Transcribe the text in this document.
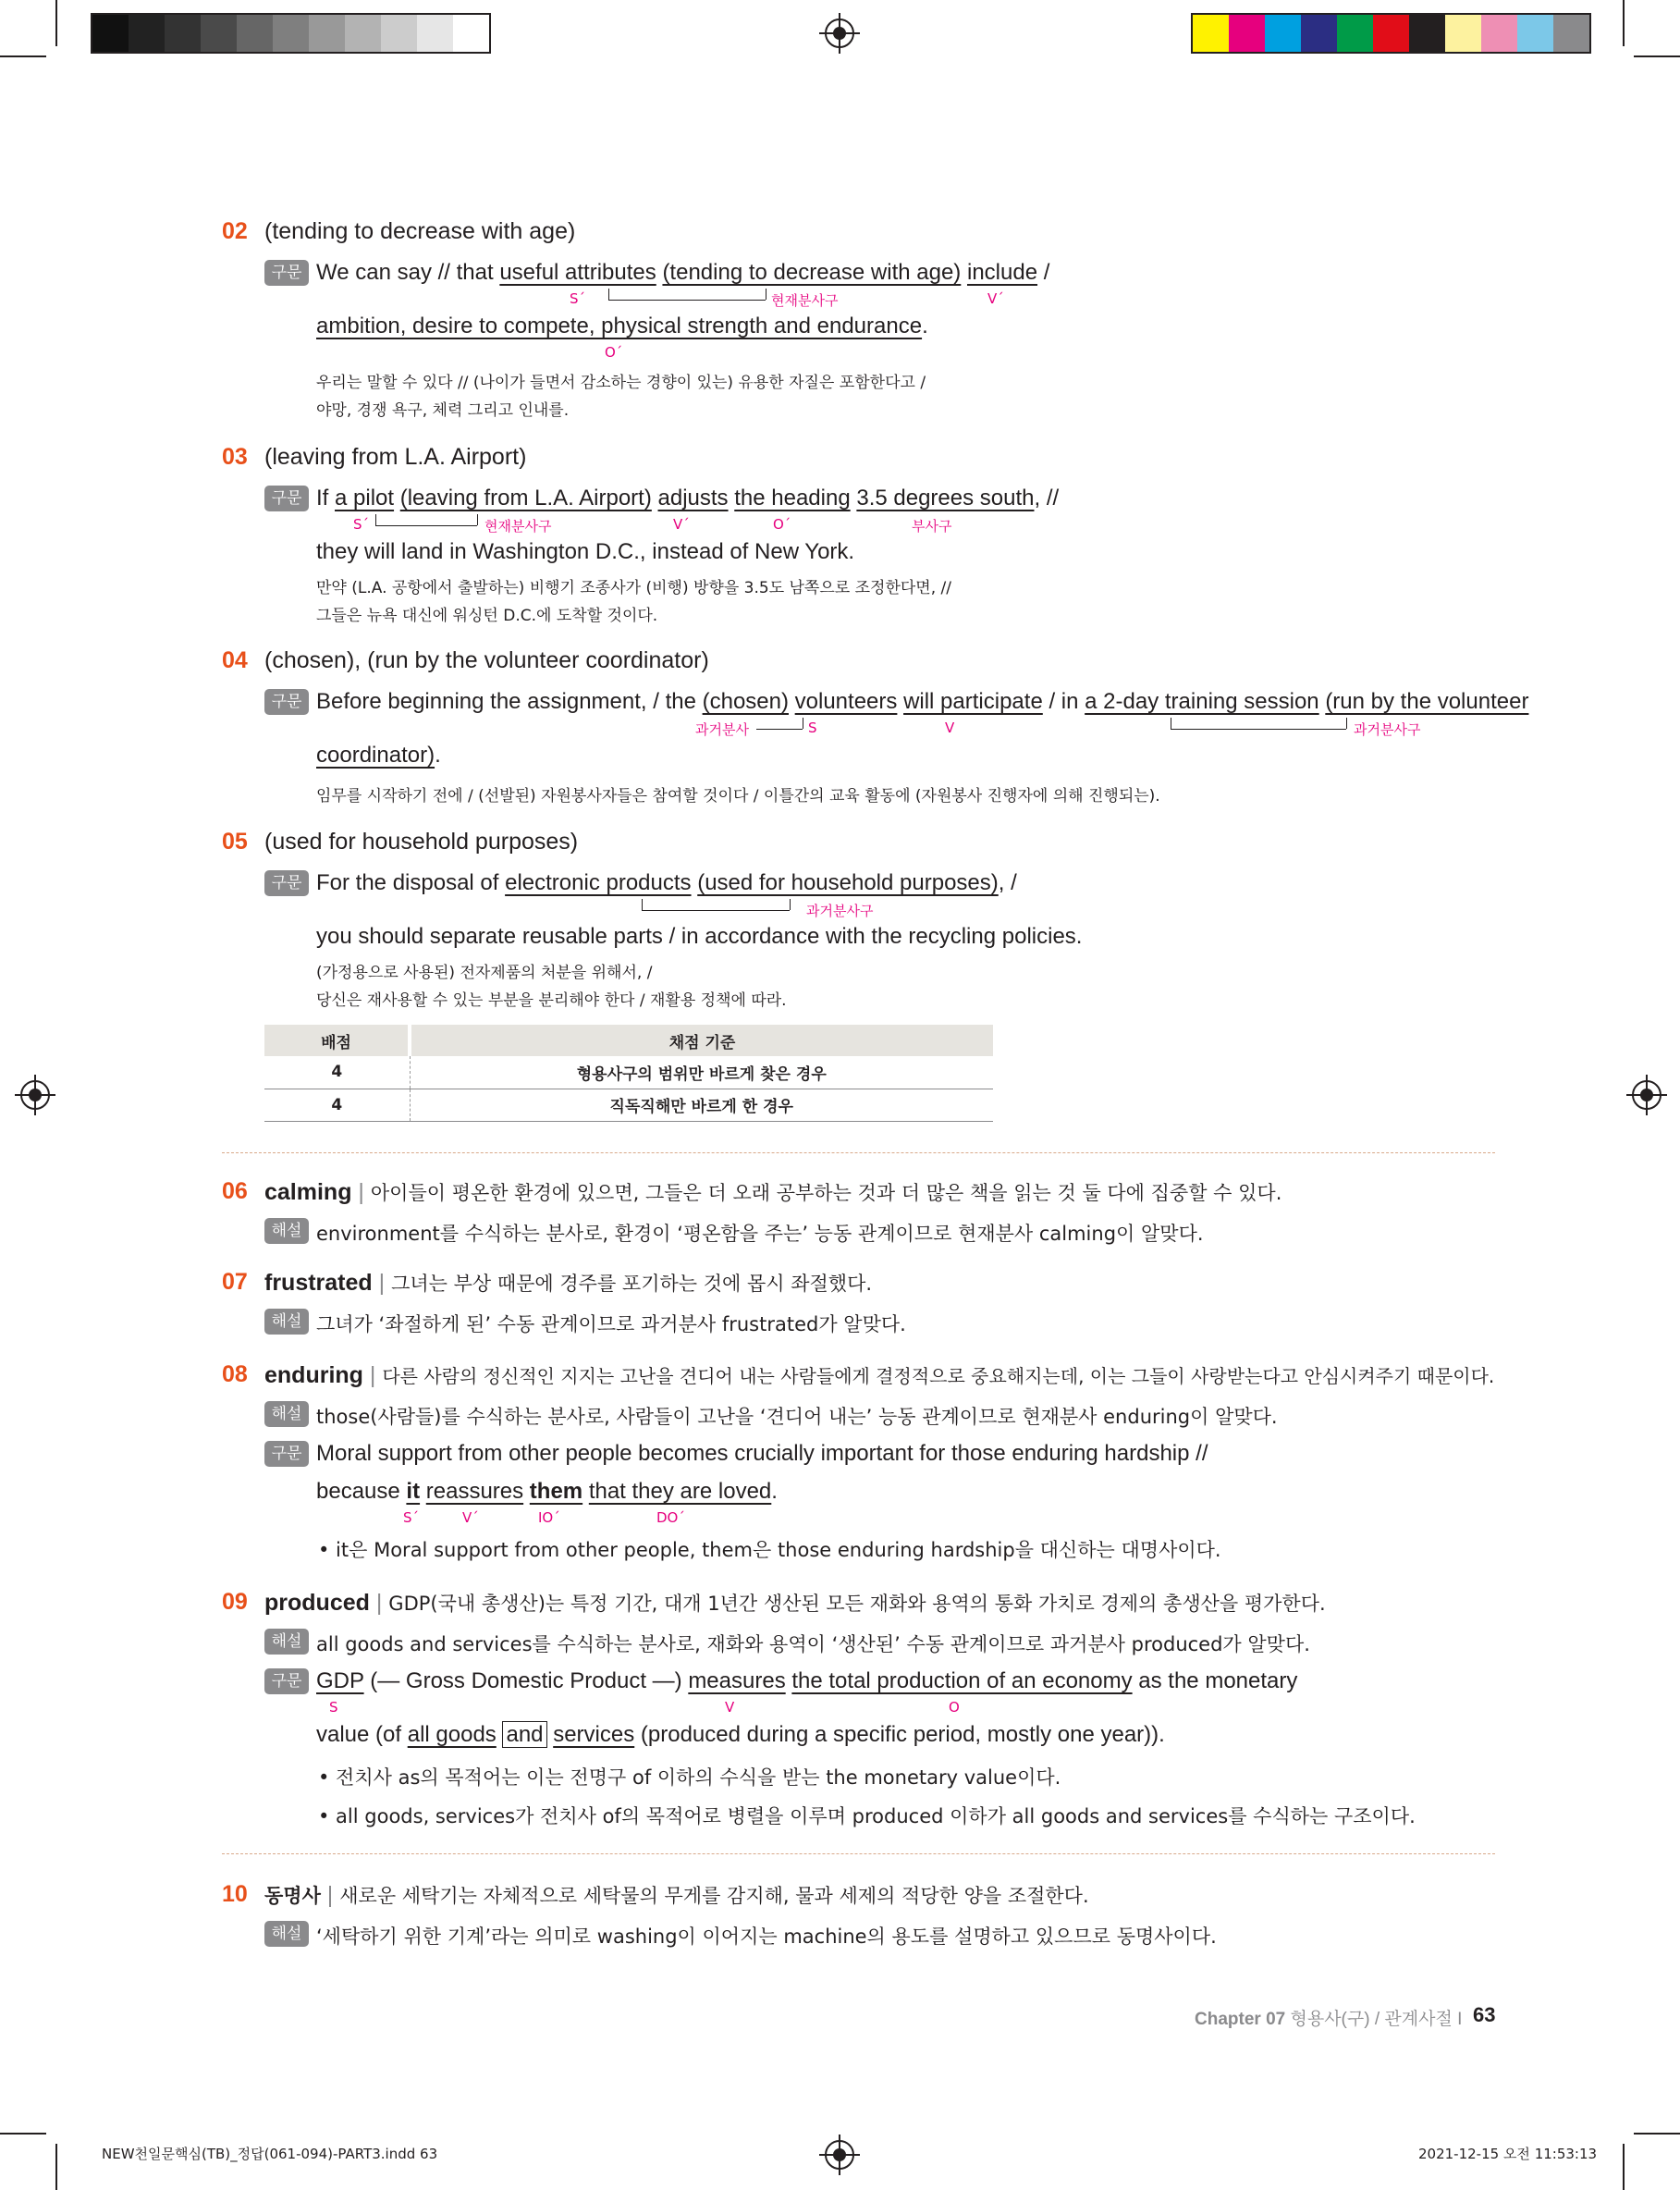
02 (tending to decrease with age)
구문 We can say // that useful attributes (tending to decrease with age) include /
S´	현재분사구	V´
ambition, desire to compete, physical strength and endurance.
O´
우리는 말할 수 있다 // (나이가 들면서 감소하는 경향이 있는) 유용한 자질은 포함한다고 /
야망, 경쟁 욕구, 체력 그리고 인내를.
03 (leaving from L.A. Airport)
구문 If a pilot (leaving from L.A. Airport) adjusts the heading 3.5 degrees south, //
S´	현재분사구	V´	O´	부사구
they will land in Washington D.C., instead of New York.
만약 (L.A. 공항에서 출발하는) 비행기 조종사가 (비행) 방향을 3.5도 남쪽으로 조정한다면, //
그들은 뉴욕 대신에 워싱턴 D.C.에 도착할 것이다.
04 (chosen), (run by the volunteer coordinator)
구문 Before beginning the assignment, / the (chosen) volunteers will participate / in a 2-day training session (run by the volunteer
과거분사	S	V	과거분사구
coordinator).
임무를 시작하기 전에 / (선발된) 자원봉사자들은 참여할 것이다 / 이틀간의 교육 활동에 (자원봉사 진행자에 의해 진행되는).
05 (used for household purposes)
구문 For the disposal of electronic products (used for household purposes), /
과거분사구
you should separate reusable parts / in accordance with the recycling policies.
(가정용으로 사용된) 전자제품의 처분을 위해서, /
당신은 재사용할 수 있는 부분을 분리해야 한다 / 재활용 정책에 따라.
배점	채점 기준
4	형용사구의 범위만 바르게 찾은 경우
4	직독직해만 바르게 한 경우
06 calming | 아이들이 평온한 환경에 있으면, 그들은 더 오래 공부하는 것과 더 많은 책을 읽는 것 둘 다에 집중할 수 있다.
해설 environment를 수식하는 분사로, 환경이 ‘평온함을 주는’ 능동 관계이므로 현재분사 calming이 알맞다.
07 frustrated | 그녀는 부상 때문에 경주를 포기하는 것에 몹시 좌절했다.
해설 그녀가 ‘좌절하게 된’ 수동 관계이므로 과거분사 frustrated가 알맞다.
08 enduring | 다른 사람의 정신적인 지지는 고난을 견디어 내는 사람들에게 결정적으로 중요해지는데, 이는 그들이 사랑받는다고 안심시켜주기 때문이다.
해설 those(사람들)를 수식하는 분사로, 사람들이 고난을 ‘견디어 내는’ 능동 관계이므로 현재분사 enduring이 알맞다.
구문 Moral support from other people becomes crucially important for those enduring hardship //
because it reassures them that they are loved.
S´	V´	IO´	DO´
• it은 Moral support from other people, them은 those enduring hardship을 대신하는 대명사이다.
09 produced | GDP(국내 총생산)는 특정 기간, 대개 1년간 생산된 모든 재화와 용역의 통화 가치로 경제의 총생산을 평가한다.
해설 all goods and services를 수식하는 분사로, 재화와 용역이 ‘생산된’ 수동 관계이므로 과거분사 produced가 알맞다.
구문 GDP (— Gross Domestic Product —) measures the total production of an economy as the monetary
S	V	O
value (of all goods and services (produced during a specific period, mostly one year)).
• 전치사 as의 목적어는 이는 전명구 of 이하의 수식을 받는 the monetary value이다.
• all goods, services가 전치사 of의 목적어로 병렬을 이루며 produced 이하가 all goods and services를 수식하는 구조이다.
10 동명사 | 새로운 세탁기는 자체적으로 세탁물의 무게를 감지해, 물과 세제의 적당한 양을 조절한다.
해설 ‘세탁하기 위한 기계’라는 의미로 washing이 이어지는 machine의 용도를 설명하고 있으므로 동명사이다.
Chapter 07 형용사(구) / 관계사절 I 63
NEW천일문핵심(TB)_정답(061-094)-PART3.indd 63	2021-12-15 오전 11:53:13
